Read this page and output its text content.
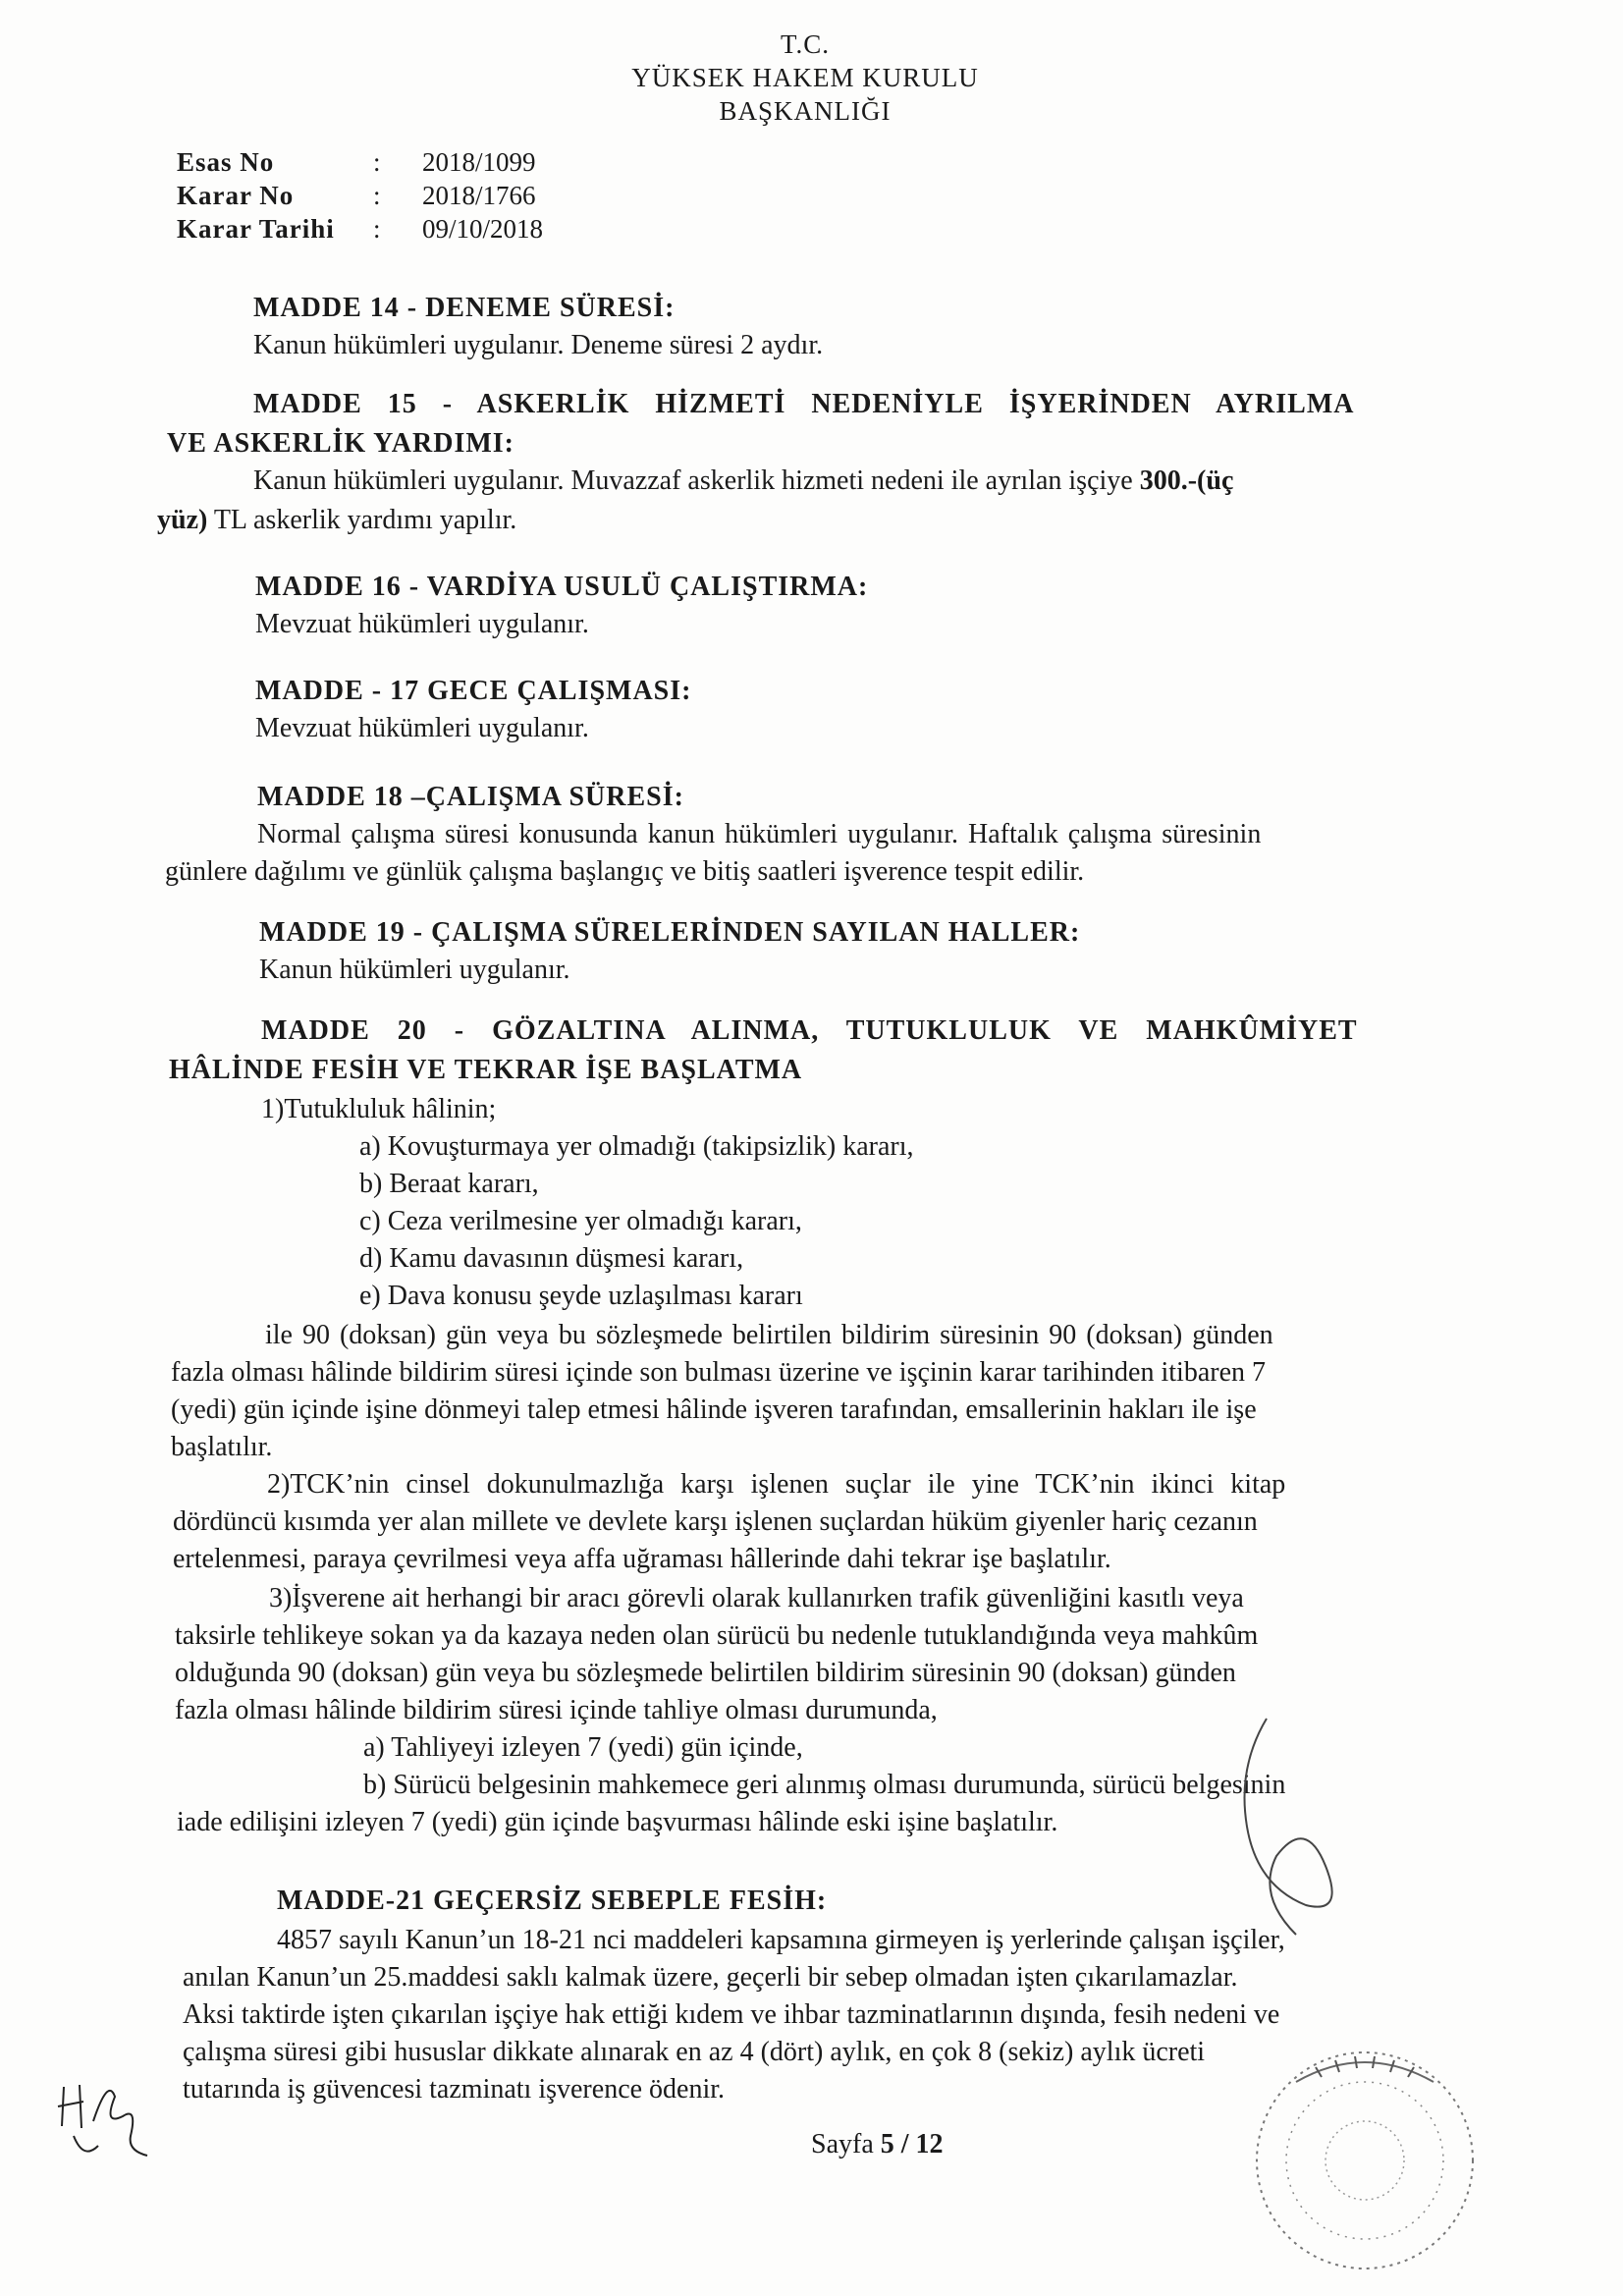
T.C.
YÜKSEK HAKEM KURULU
BAŞKANLIĞI
Esas No	: 2018/1099
Karar No	: 2018/1766
Karar Tarihi : 09/10/2018
MADDE 14 - DENEME SÜRESİ:
Kanun hükümleri uygulanır. Deneme süresi 2 aydır.
MADDE 15 - ASKERLİK HİZMETİ NEDENİYLE İŞYERİNDEN AYRILMA
VE ASKERLİK YARDIMI:
Kanun hükümleri uygulanır. Muvazzaf askerlik hizmeti nedeni ile ayrılan işçiye 300.-(üç
yüz) TL askerlik yardımı yapılır.
MADDE 16 - VARDİYA USULÜ ÇALIŞTIRMA:
Mevzuat hükümleri uygulanır.
MADDE - 17 GECE ÇALIŞMASI:
Mevzuat hükümleri uygulanır.
MADDE 18 –ÇALIŞMA SÜRESİ:
Normal çalışma süresi konusunda kanun hükümleri uygulanır. Haftalık çalışma süresinin
günlere dağılımı ve günlük çalışma başlangıç ve bitiş saatleri işverence tespit edilir.
MADDE 19 - ÇALIŞMA SÜRELERİNDEN SAYILAN HALLER:
Kanun hükümleri uygulanır.
MADDE 20 - GÖZALTINA ALINMA, TUTUKLULUK VE MAHKÛMİYET
HÂLİNDE FESİH VE TEKRAR İŞE BAŞLATMA
1)Tutukluluk hâlinin;
a) Kovuşturmaya yer olmadığı (takipsizlik) kararı,
b) Beraat kararı,
c) Ceza verilmesine yer olmadığı kararı,
d) Kamu davasının düşmesi kararı,
e) Dava konusu şeyde uzlaşılması kararı
ile 90 (doksan) gün veya bu sözleşmede belirtilen bildirim süresinin 90 (doksan) günden
fazla olması hâlinde bildirim süresi içinde son bulması üzerine ve işçinin karar tarihinden itibaren 7
(yedi) gün içinde işine dönmeyi talep etmesi hâlinde işveren tarafından, emsallerinin hakları ile işe
başlatılır.
2)TCK’nin cinsel dokunulmazlığa karşı işlenen suçlar ile yine TCK’nin ikinci kitap
dördüncü kısımda yer alan millete ve devlete karşı işlenen suçlardan hüküm giyenler hariç cezanın
ertelenmesi, paraya çevrilmesi veya affa uğraması hâllerinde dahi tekrar işe başlatılır.
3)İşverene ait herhangi bir aracı görevli olarak kullanırken trafik güvenliğini kasıtlı veya
taksirle tehlikeye sokan ya da kazaya neden olan sürücü bu nedenle tutuklandığında veya mahkûm
olduğunda 90 (doksan) gün veya bu sözleşmede belirtilen bildirim süresinin 90 (doksan) günden
fazla olması hâlinde bildirim süresi içinde tahliye olması durumunda,
a) Tahliyeyi izleyen 7 (yedi) gün içinde,
b) Sürücü belgesinin mahkemece geri alınmış olması durumunda, sürücü belgesinin
iade edilişini izleyen 7 (yedi) gün içinde başvurması hâlinde eski işine başlatılır.
MADDE-21 GEÇERSİZ SEBEPLE FESİH:
4857 sayılı Kanun’un 18-21 nci maddeleri kapsamına girmeyen iş yerlerinde çalışan işçiler,
anılan Kanun’un 25.maddesi saklı kalmak üzere, geçerli bir sebep olmadan işten çıkarılamazlar.
Aksi taktirde işten çıkarılan işçiye hak ettiği kıdem ve ihbar tazminatlarının dışında, fesih nedeni ve
çalışma süresi gibi hususlar dikkate alınarak en az 4 (dört) aylık, en çok 8 (sekiz) aylık ücreti
tutarında iş güvencesi tazminatı işverence ödenir.
Sayfa 5 / 12
